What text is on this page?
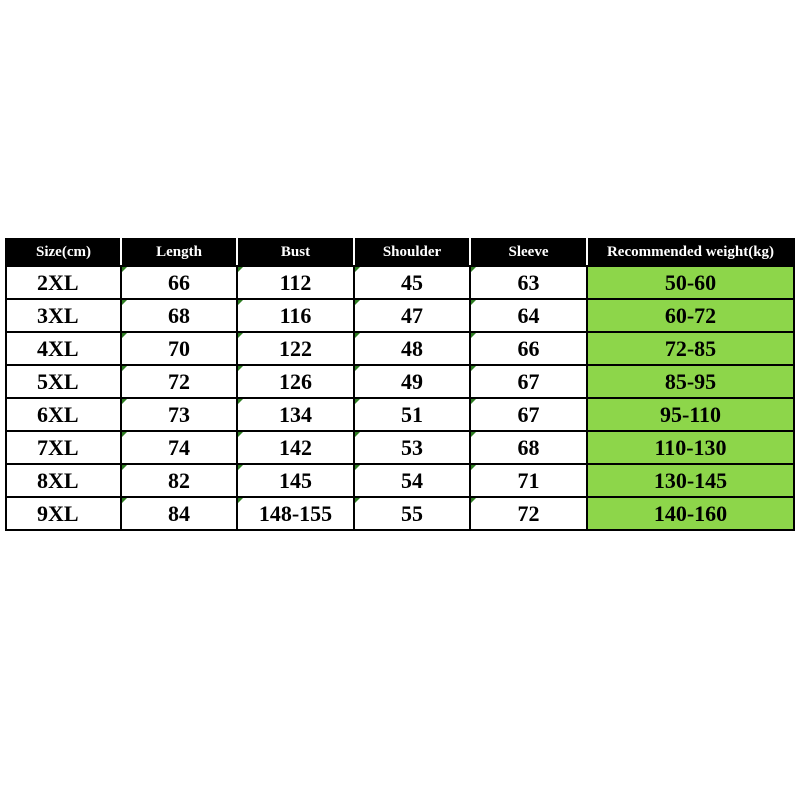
Size(cm)	Length	Bust	Shoulder	Sleeve	Recommended weight(kg)
2XL	66	112	45	63	50-60
3XL	68	116	47	64	60-72
4XL	70	122	48	66	72-85
5XL	72	126	49	67	85-95
6XL	73	134	51	67	95-110
7XL	74	142	53	68	110-130
8XL	82	145	54	71	130-145
9XL	84	148-155	55	72	140-160
